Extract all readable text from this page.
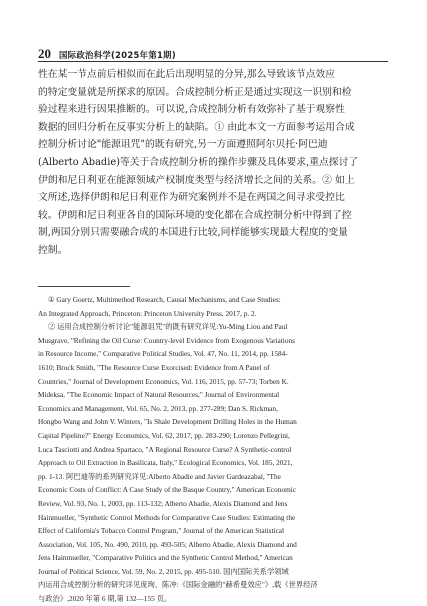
20 国际政治科学(2025年第1期)
性在某一节点前后相似而在此后出现明显的分异,那么导致该节点效应
的特定变量就是所探求的原因。合成控制分析正是通过实现这一识别和检
验过程来进行因果推断的。可以说,合成控制分析有效弥补了基于观察性
数据的回归分析在反事实分析上的缺陷。① 由此本文一方面参考运用合成
控制分析讨论"能源诅咒"的既有研究,另一方面遵照阿尔贝托·阿巴迪
(Alberto Abadie)等关于合成控制分析的操作步骤及具体要求,重点探讨了
伊朗和尼日利亚在能源领域产权制度类型与经济增长之间的关系。② 如上
文所述,选择伊朗和尼日利亚作为研究案例并不是在两国之间寻求受控比
较。伊朗和尼日利亚各自的国际环境的变化都在合成控制分析中得到了控
制,两国分别只需要融合成的本国进行比较,同样能够实现最大程度的变量
控制。
① Gary Goertz, Multimethod Research, Causal Mechanisms, and Case Studies:
An Integrated Approach, Princeton: Princeton University Press, 2017, p. 2.
② 运用合成控制分析讨论"能源诅咒"的既有研究详见:Yu-Ming Liou and Paul
Musgrave, "Refining the Oil Curse: Country-level Evidence from Exogenous Variations
in Resource Income," Comparative Political Studies, Vol. 47, No. 11, 2014, pp. 1584-
1610; Brock Smith, "The Resource Curse Exorcised: Evidence from A Panel of
Countries," Journal of Development Economics, Vol. 116, 2015, pp. 57-73; Torben K.
Mideksa, "The Economic Impact of Natural Resources," Journal of Environmental
Economics and Management, Vol. 65, No. 2, 2013, pp. 277-289; Dan S. Rickman,
Hongbo Wang and John V. Winters, "Is Shale Development Drilling Holes in the Human
Capital Pipeline?" Energy Economics, Vol. 62, 2017, pp. 283-290; Lorenzo Pellegrini,
Luca Tasciotti and Andrea Spartaco, "A Regional Resource Curse? A Synthetic-control
Approach to Oil Extraction in Basilicata, Italy," Ecological Economics, Vol. 185, 2021,
pp. 1-13. 阿巴迪等的系列研究详见:Alberto Abadie and Javier Gardeazabal, "The
Economic Costs of Conflict: A Case Study of the Basque Country," American Economic
Review, Vol. 93, No. 1, 2003, pp. 113-132; Alberto Abadie, Alexis Diamond and Jens
Hainmueller, "Synthetic Control Methods for Comparative Case Studies: Estimating the
Effect of California's Tobacco Control Program," Journal of the American Statistical
Association, Vol. 105, No. 490, 2010, pp. 493-505; Alberto Abadie, Alexis Diamond and
Jens Hainmueller, "Comparative Politics and the Synthetic Control Method," American
Journal of Political Science, Vol. 59, No. 2, 2015, pp. 495-510. 国内国际关系学领域
内运用合成控制分析的研究详见庞珣、陈冲:《国际金融的"赫希曼效应"》,载《世界经济
与政治》,2020 年第 6 期,第 132—155 页。
